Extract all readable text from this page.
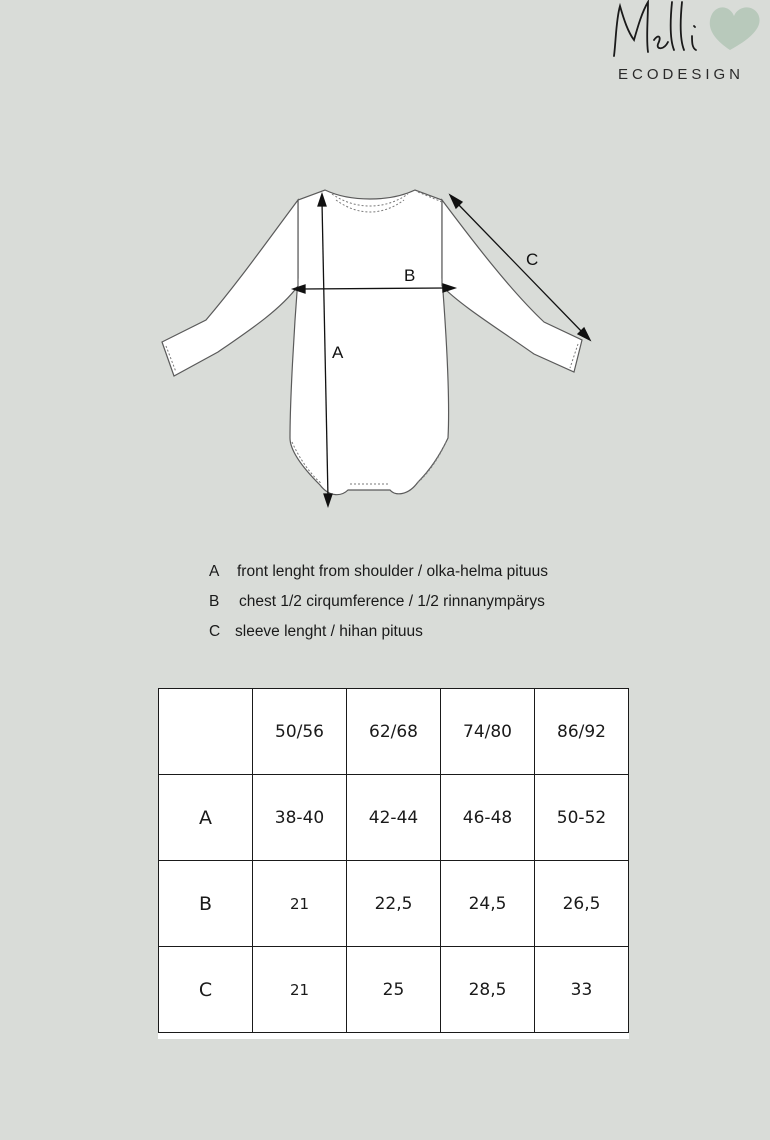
ECODESIGN
A
B
C
A front lenght from shoulder / olka-helma pituus
B chest 1/2 cirqumference / 1/2 rinnanympärys
C sleeve lenght / hihan pituus
	50/56	62/68	74/80	86/92
A	38-40	42-44	46-48	50-52
B	21	22,5	24,5	26,5
C	21	25	28,5	33
